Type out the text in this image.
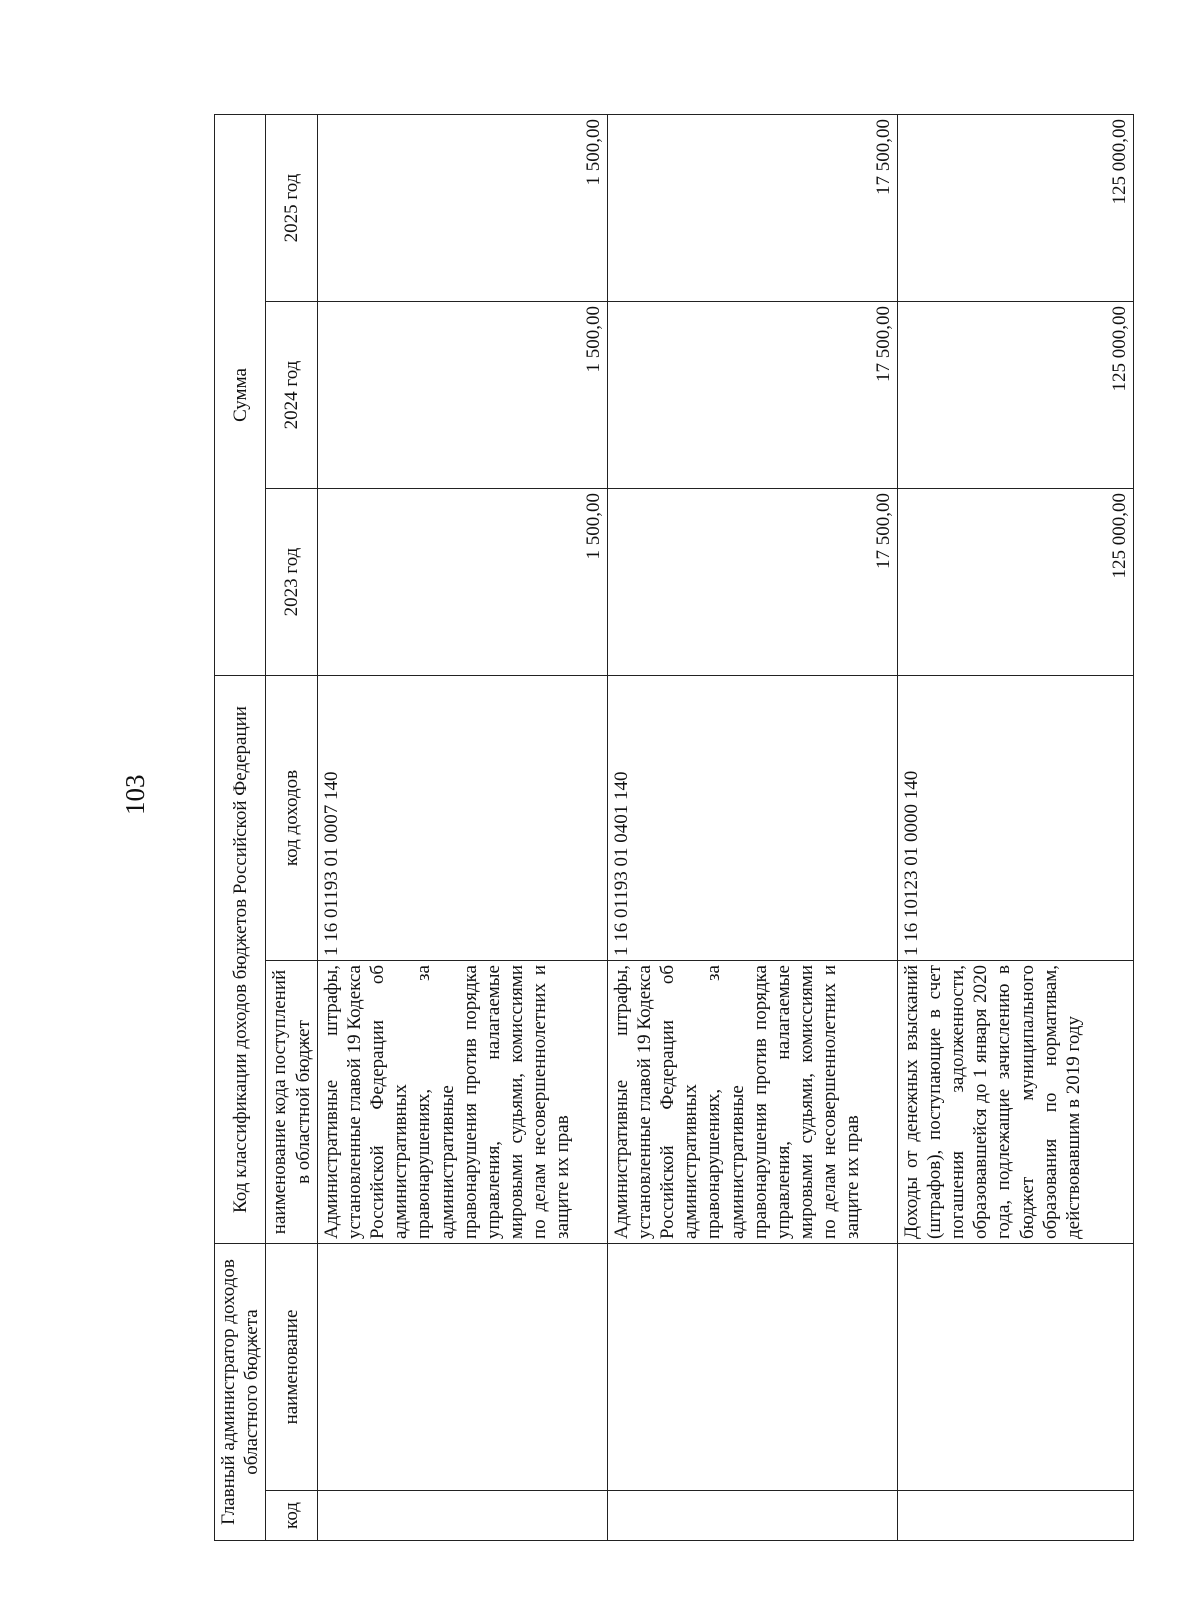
103
Главный администратор доходов областного бюджета		Код классификации доходов бюджетов Российской Федерации		Сумма		
код	наименование	наименование кода поступлений в областной бюджет	код доходов	2023 год	2024 год	2025 год
		Административные штрафы, установленные главой 19 Кодекса Российской Федерации об административных правонарушениях, за административные правонарушения против порядка управления, налагаемые мировыми судьями, комиссиями по делам несовершеннолетних и защите их прав	1 16 01193 01 0007 140	1 500,00	1 500,00	1 500,00
		Административные штрафы, установленные главой 19 Кодекса Российской Федерации об административных правонарушениях, за административные правонарушения против порядка управления, налагаемые мировыми судьями, комиссиями по делам несовершеннолетних и защите их прав	1 16 01193 01 0401 140	17 500,00	17 500,00	17 500,00
		Доходы от денежных взысканий (штрафов), поступающие в счет погашения задолженности, образовавшейся до 1 января 2020 года, подлежащие зачислению в бюджет муниципального образования по нормативам, действовавшим в 2019 году	1 16 10123 01 0000 140	125 000,00	125 000,00	125 000,00
